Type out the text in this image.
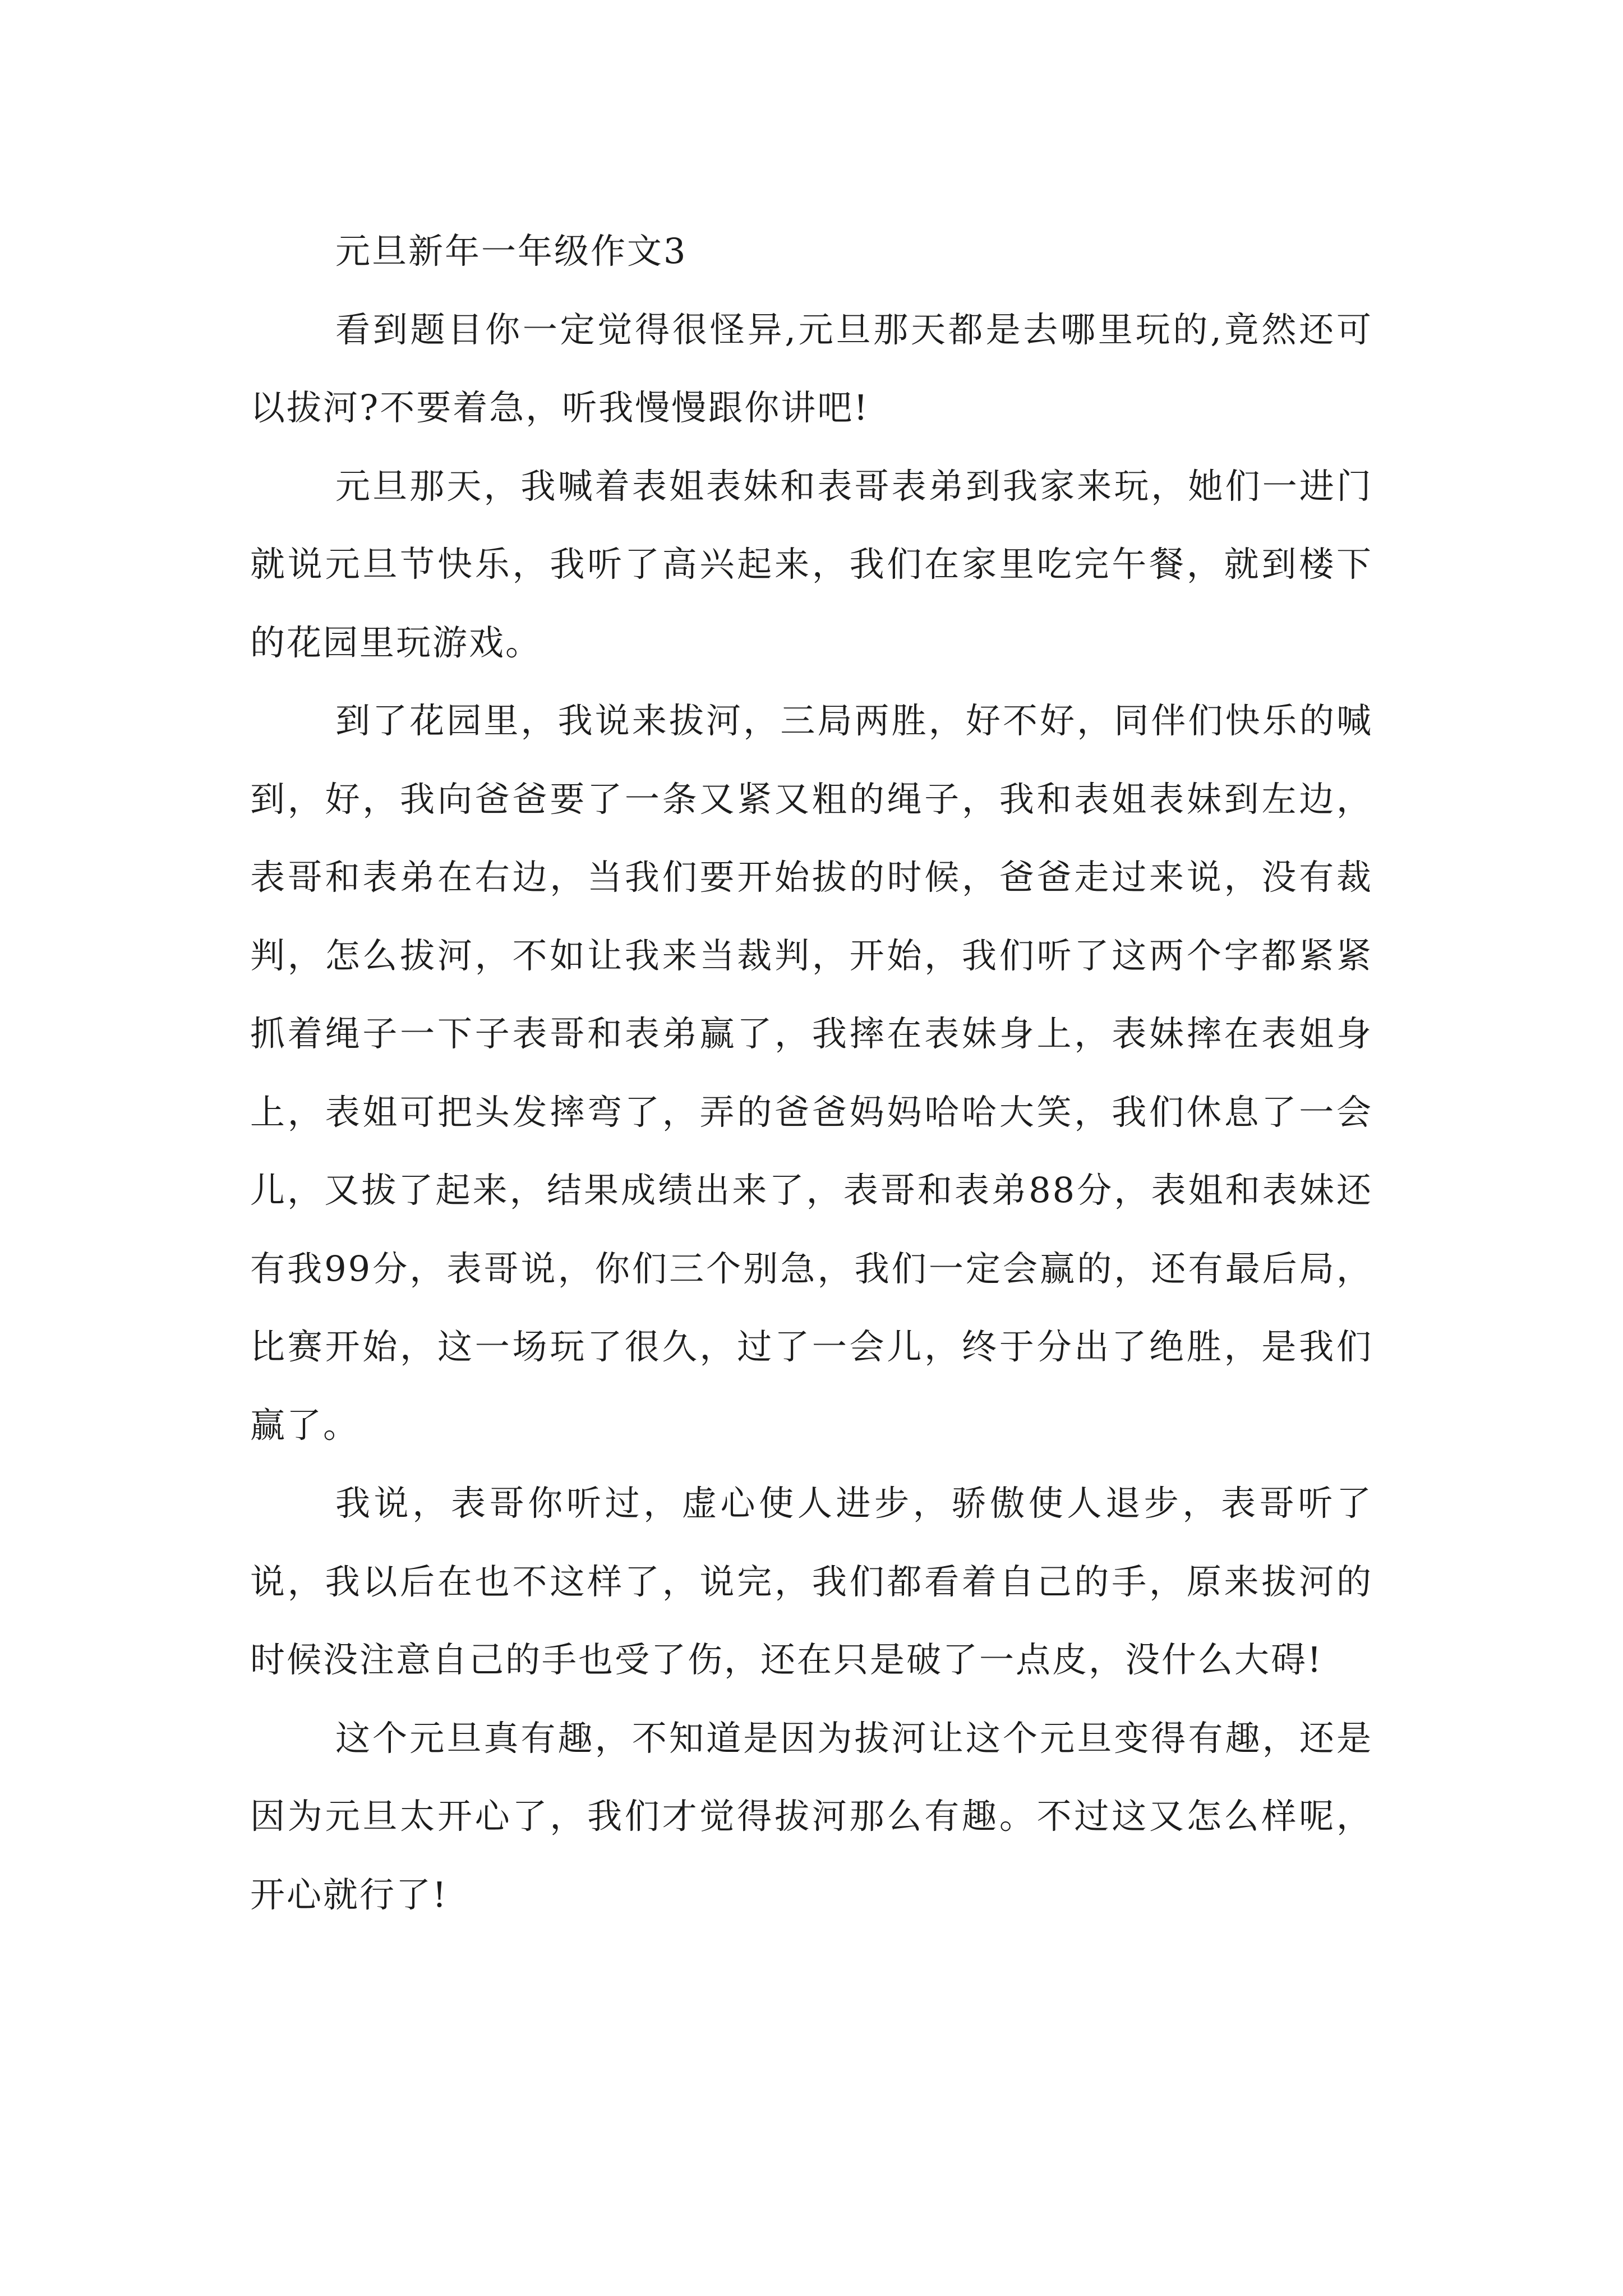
元旦新年一年级作文3

看到题目你一定觉得很怪异,元旦那天都是去哪里玩的,竟然还可以拔河?不要着急，听我慢慢跟你讲吧!

元旦那天，我喊着表姐表妹和表哥表弟到我家来玩，她们一进门就说元旦节快乐，我听了高兴起来，我们在家里吃完午餐，就到楼下的花园里玩游戏。

到了花园里，我说来拔河，三局两胜，好不好，同伴们快乐的喊到，好，我向爸爸要了一条又紧又粗的绳子，我和表姐表妹到左边，表哥和表弟在右边，当我们要开始拔的时候，爸爸走过来说，没有裁判，怎么拔河，不如让我来当裁判，开始，我们听了这两个字都紧紧抓着绳子一下子表哥和表弟赢了，我摔在表妹身上，表妹摔在表姐身上，表姐可把头发摔弯了，弄的爸爸妈妈哈哈大笑，我们休息了一会儿，又拔了起来，结果成绩出来了，表哥和表弟88分，表姐和表妹还有我99分，表哥说，你们三个别急，我们一定会赢的，还有最后局，比赛开始，这一场玩了很久，过了一会儿，终于分出了绝胜，是我们赢了。

我说，表哥你听过，虚心使人进步，骄傲使人退步，表哥听了说，我以后在也不这样了，说完，我们都看着自己的手，原来拔河的时候没注意自己的手也受了伤，还在只是破了一点皮，没什么大碍!

这个元旦真有趣，不知道是因为拔河让这个元旦变得有趣，还是因为元旦太开心了，我们才觉得拔河那么有趣。不过这又怎么样呢，开心就行了!
